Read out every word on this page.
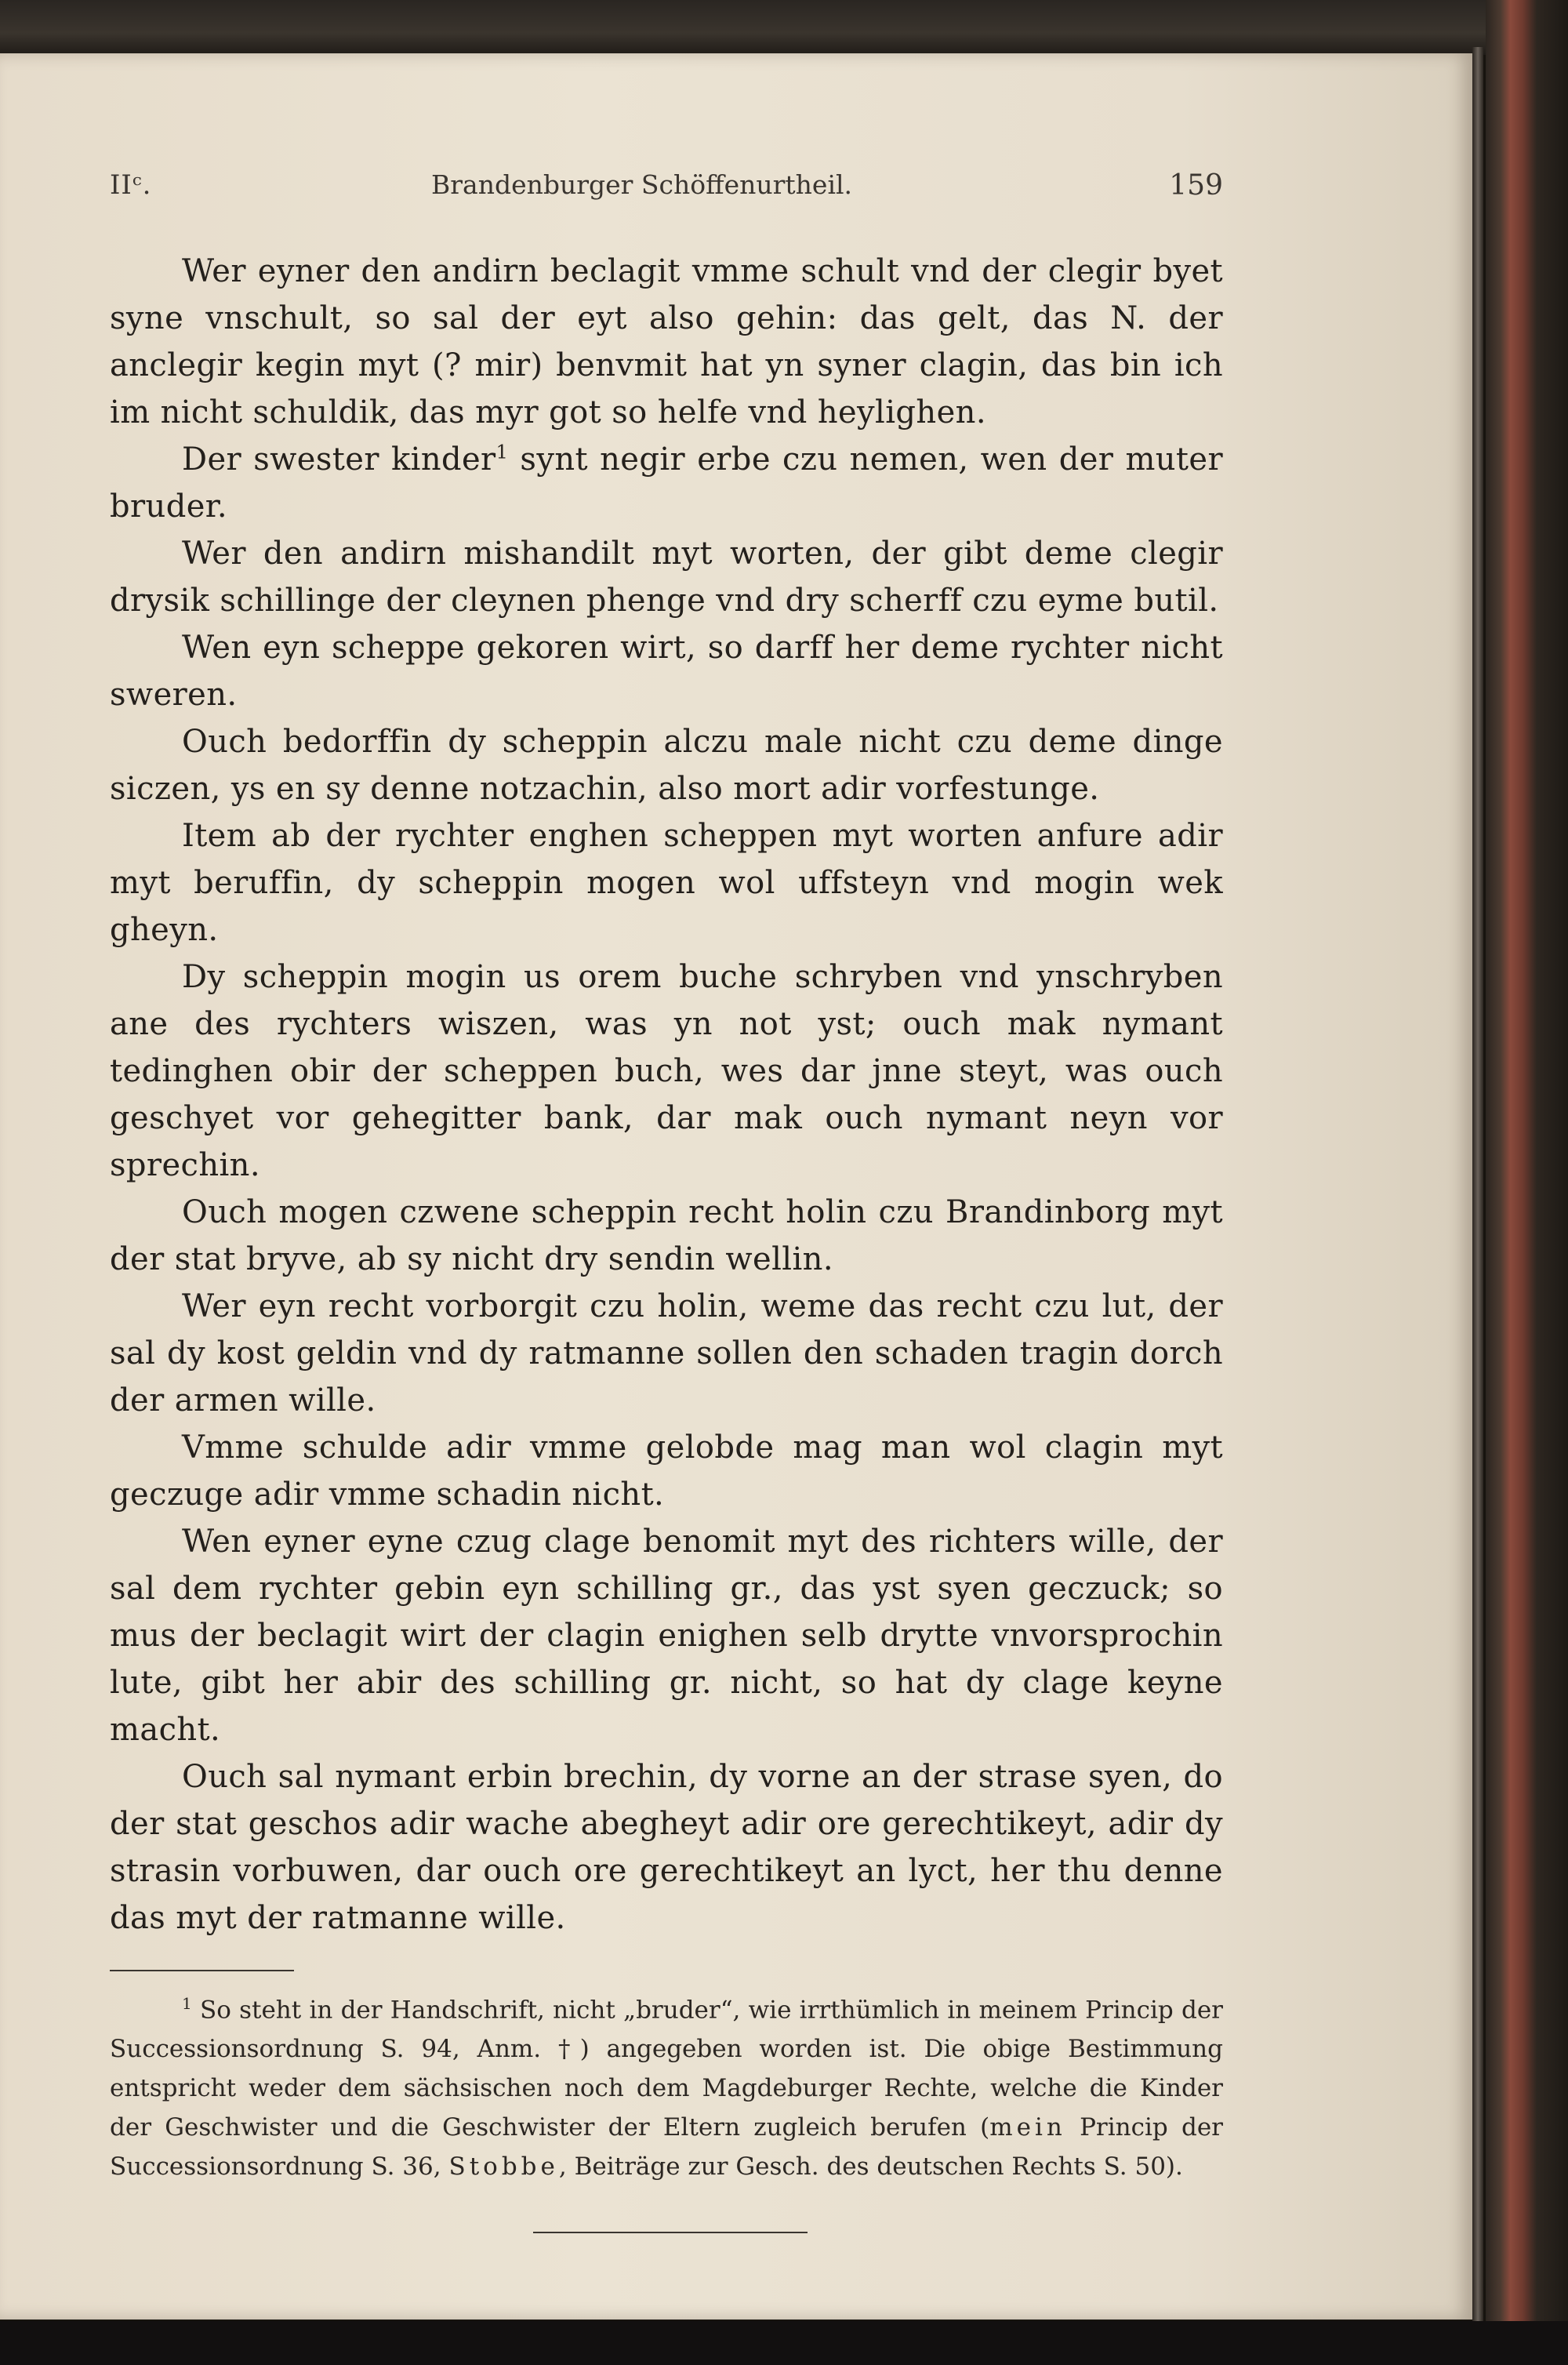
IIᶜ.	Brandenburger Schöffenurtheil.	159

Wer eyner den andirn beclagit vmme schult vnd der clegir byet syne vnschult, so sal der eyt also gehin: das gelt, das N. der anclegir kegin myt (? mir) benvmit hat yn syner clagin, das bin ich im nicht schuldik, das myr got so helfe vnd heylighen.

Der swester kinder$^1$ synt negir erbe czu nemen, wen der muter bruder.

Wer den andirn mishandilt myt worten, der gibt deme clegir drysik schillinge der cleynen phenge vnd dry scherff czu eyme butil.

Wen eyn scheppe gekoren wirt, so darff her deme rychter nicht sweren.

Ouch bedorffin dy scheppin alczu male nicht czu deme dinge siczen, ys en sy denne notzachin, also mort adir vorfestunge.

Item ab der rychter enghen scheppen myt worten anfure adir myt beruffin, dy scheppin mogen wol uffsteyn vnd mogin wek gheyn.

Dy scheppin mogin us orem buche schryben vnd ynschryben ane des rychters wiszen, was yn not yst; ouch mak nymant tedinghen obir der scheppen buch, wes dar jnne steyt, was ouch geschyet vor gehegitter bank, dar mak ouch nymant neyn vor sprechin.

Ouch mogen czwene scheppin recht holin czu Brandinborg myt der stat bryve, ab sy nicht dry sendin wellin.

Wer eyn recht vorborgit czu holin, weme das recht czu lut, der sal dy kost geldin vnd dy ratmanne sollen den schaden tragin dorch der armen wille.

Vmme schulde adir vmme gelobde mag man wol clagin myt geczuge adir vmme schadin nicht.

Wen eyner eyne czug clage benomit myt des richters wille, der sal dem rychter gebin eyn schilling gr., das yst syen geczuck; so mus der beclagit wirt der clagin enighen selb drytte vnvorsprochin lute, gibt her abir des schilling gr. nicht, so hat dy clage keyne macht.

Ouch sal nymant erbin brechin, dy vorne an der strase syen, do der stat geschos adir wache abegheyt adir ore gerechtikeyt, adir dy strasin vorbuwen, dar ouch ore gerechtikeyt an lyct, her thu denne das myt der ratmanne wille.

$^1$ So steht in der Handschrift, nicht „bruder“, wie irrthümlich in meinem Princip der Successionsordnung S. 94, Anm. †) angegeben worden ist. Die obige Bestimmung entspricht weder dem sächsischen noch dem Magdeburger Rechte, welche die Kinder der Geschwister und die Geschwister der Eltern zugleich berufen (mein Princip der Successionsordnung S. 36, Stobbe, Beiträge zur Gesch. des deutschen Rechts S. 50).
